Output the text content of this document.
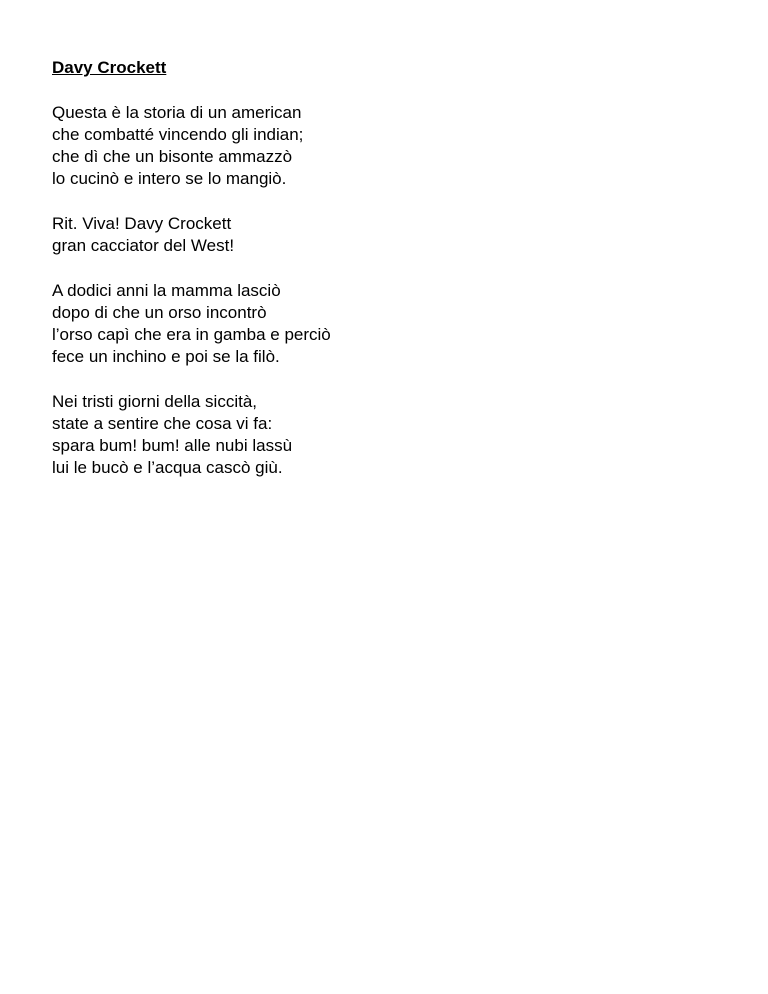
Davy Crockett
Questa è la storia di un american
che combatté vincendo gli indian;
che dì che un bisonte ammazzò
lo cucinò e intero se lo mangiò.
Rit. Viva! Davy Crockett
gran cacciator del West!
A dodici anni la mamma lasciò
dopo di che un orso incontrò
l’orso capì che era in gamba e perciò
fece un inchino e poi se la filò.
Nei tristi giorni della siccità,
state a sentire che cosa vi fa:
spara bum! bum! alle nubi lassù
lui le bucò e l’acqua cascò giù.
